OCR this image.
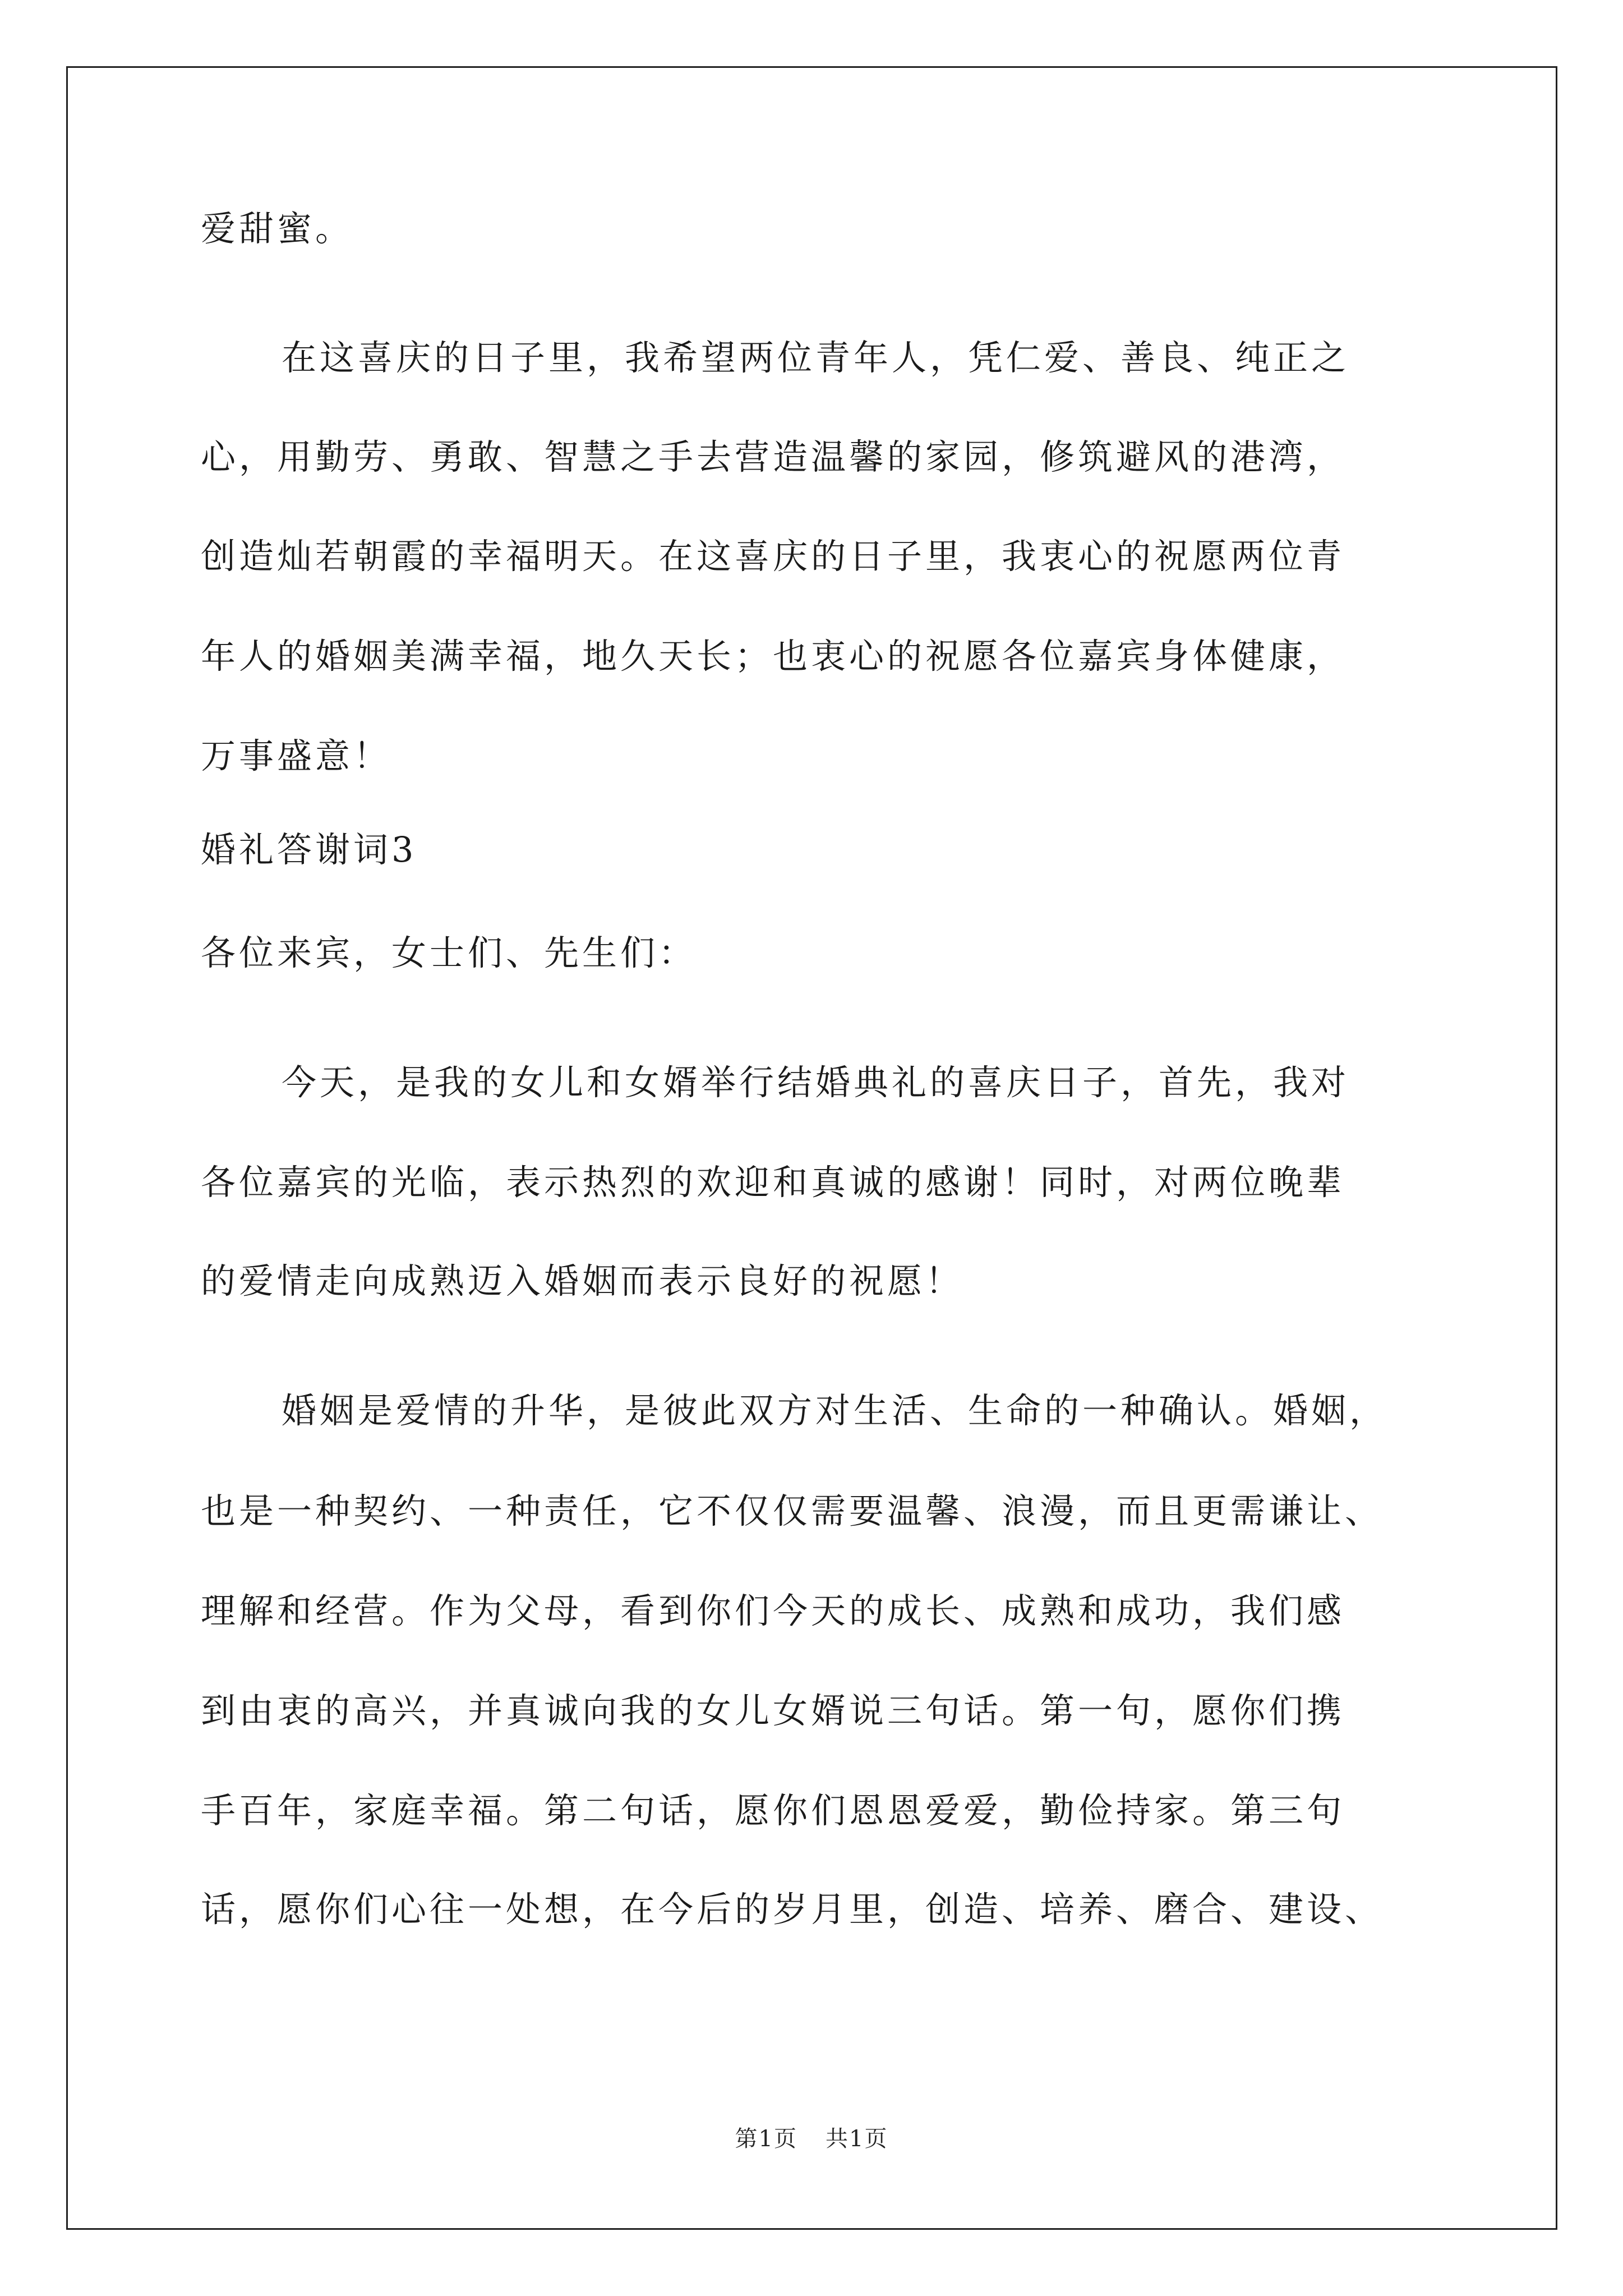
爱甜蜜。
在这喜庆的日子里，我希望两位青年人，凭仁爱、善良、纯正之
心，用勤劳、勇敢、智慧之手去营造温馨的家园，修筑避风的港湾，
创造灿若朝霞的幸福明天。在这喜庆的日子里，我衷心的祝愿两位青
年人的婚姻美满幸福，地久天长；也衷心的祝愿各位嘉宾身体健康，
万事盛意！
婚礼答谢词3
各位来宾，女士们、先生们：
今天，是我的女儿和女婿举行结婚典礼的喜庆日子，首先，我对
各位嘉宾的光临，表示热烈的欢迎和真诚的感谢！同时，对两位晚辈
的爱情走向成熟迈入婚姻而表示良好的祝愿！
婚姻是爱情的升华，是彼此双方对生活、生命的一种确认。婚姻，
也是一种契约、一种责任，它不仅仅需要温馨、浪漫，而且更需谦让、
理解和经营。作为父母，看到你们今天的成长、成熟和成功，我们感
到由衷的高兴，并真诚向我的女儿女婿说三句话。第一句，愿你们携
手百年，家庭幸福。第二句话，愿你们恩恩爱爱，勤俭持家。第三句
话，愿你们心往一处想，在今后的岁月里，创造、培养、磨合、建设、
第1页 共1页
